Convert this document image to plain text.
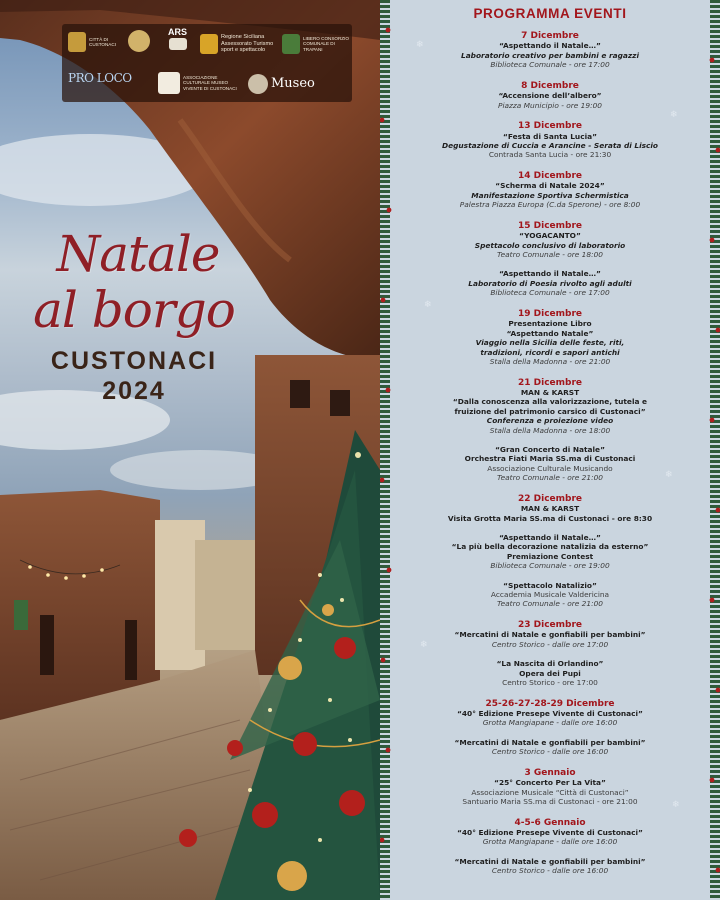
CITTÀ DI
CUSTONACI
ARS
Regione Siciliana
Assessorato Turismo
sport e spettacolo
LIBERO CONSORZIO
COMUNALE DI
TRAPANI
PRO LOCO	ASSOCIAZIONE
CULTURALE MUSEO
VIVENTE DI CUSTONACI	Museo
Natale
al borgo
CUSTONACI
2024
❄
❄
❄
❄
❄
❄
PROGRAMMA EVENTI
7 Dicembre
“Aspettando il Natale…”
Laboratorio creativo per bambini e ragazzi
Biblioteca Comunale - ore 17:00
8 Dicembre
“Accensione dell’albero”
Piazza Municipio - ore 19:00
13 Dicembre
“Festa di Santa Lucia”
Degustazione di Cuccia e Arancine - Serata di Liscio
Contrada Santa Lucia - ore 21:30
14 Dicembre
“Scherma di Natale 2024”
Manifestazione Sportiva Schermistica
Palestra Piazza Europa (C.da Sperone) - ore 8:00
15 Dicembre
“YOGACANTO”
Spettacolo conclusivo di laboratorio
Teatro Comunale - ore 18:00
“Aspettando il Natale…”
Laboratorio di Poesia rivolto agli adulti
Biblioteca Comunale - ore 17:00
19 Dicembre
Presentazione Libro
“Aspettando Natale”
Viaggio nella Sicilia delle feste, riti,
tradizioni, ricordi e sapori antichi
Stalla della Madonna - ore 21:00
21 Dicembre
MAN & KARST
“Dalla conoscenza alla valorizzazione, tutela e
fruizione del patrimonio carsico di Custonaci”
Conferenza e proiezione video
Stalla della Madonna - ore 18:00
“Gran Concerto di Natale”
Orchestra Fiati Maria SS.ma di Custonaci
Associazione Culturale Musicando
Teatro Comunale - ore 21:00
22 Dicembre
MAN & KARST
Visita Grotta Maria SS.ma di Custonaci - ore 8:30
“Aspettando il Natale…”
“La più bella decorazione natalizia da esterno”
Premiazione Contest
Biblioteca Comunale - ore 19:00
“Spettacolo Natalizio”
Accademia Musicale Valdericina
Teatro Comunale - ore 21:00
23 Dicembre
“Mercatini di Natale e gonfiabili per bambini”
Centro Storico - dalle ore 17:00
“La Nascita di Orlandino”
Opera dei Pupi
Centro Storico - ore 17:00
25-26-27-28-29 Dicembre
“40° Edizione Presepe Vivente di Custonaci”
Grotta Mangiapane - dalle ore 16:00
“Mercatini di Natale e gonfiabili per bambini”
Centro Storico - dalle ore 16:00
3 Gennaio
“25° Concerto Per La Vita”
Associazione Musicale “Città di Custonaci”
Santuario Maria SS.ma di Custonaci - ore 21:00
4-5-6 Gennaio
“40° Edizione Presepe Vivente di Custonaci”
Grotta Mangiapane - dalle ore 16:00
“Mercatini di Natale e gonfiabili per bambini”
Centro Storico - dalle ore 16:00
